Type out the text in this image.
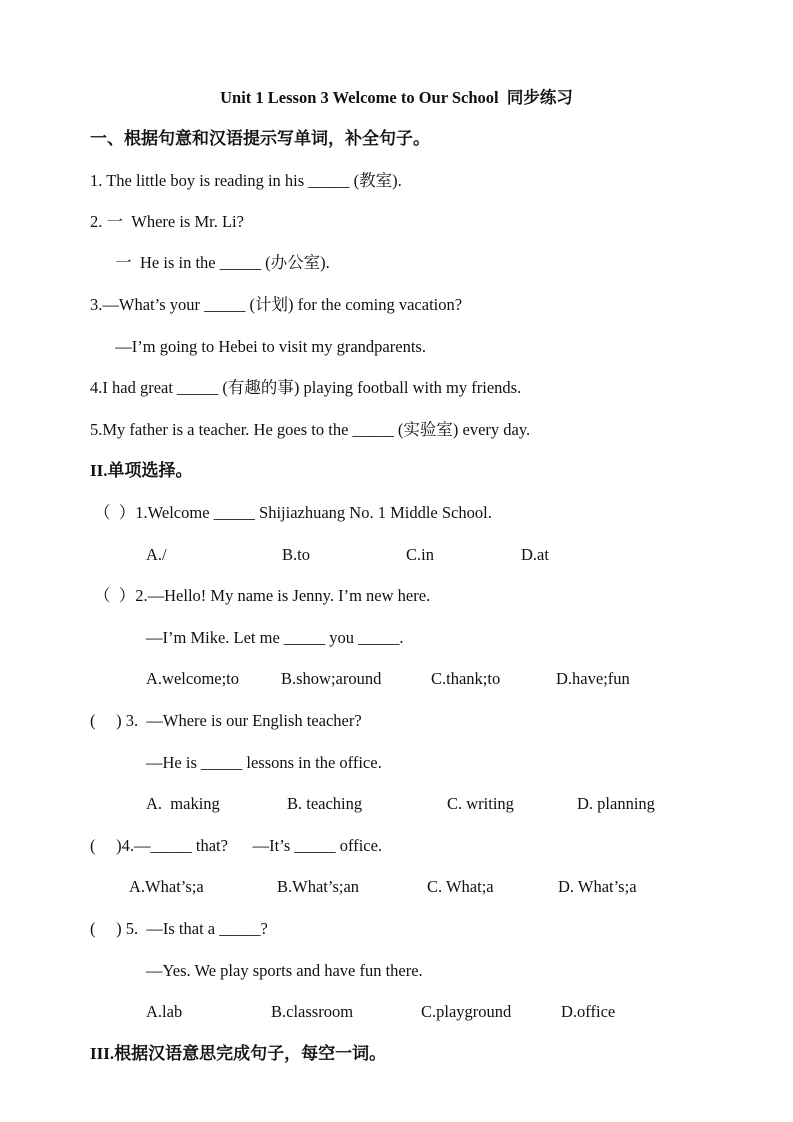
Unit 1 Lesson 3 Welcome to Our School  同步练习
一、根据句意和汉语提示写单词，补全句子。
1. The little boy is reading in his _____ (教室).
2. 一  Where is Mr. Li?
一  He is in the _____ (办公室).
3.—What’s your _____ (计划) for the coming vacation?
—I’m going to Hebei to visit my grandparents.
4.I had great _____ (有趣的事) playing football with my friends.
5.My father is a teacher. He goes to the _____ (实验室) every day.
II.单项选择。
（  ）1.Welcome _____ Shijiazhuang No. 1 Middle School.
A./	B.to	C.in	D.at
（  ）2.—Hello! My name is Jenny. I’m new here.
—I’m Mike. Let me _____ you _____.
A.welcome;to	B.show;around	C.thank;to	D.have;fun
(     ) 3.  —Where is our English teacher?
—He is _____ lessons in the office.
A.  making	B. teaching	C. writing	D. planning
(     )4.—_____ that?      —It’s _____ office.
A.What’s;a	B.What’s;an	C. What;a	D. What’s;a
(     ) 5.  —Is that a _____?
—Yes. We play sports and have fun there.
A.lab	B.classroom	C.playground	D.office
III.根据汉语意思完成句子，每空一词。
